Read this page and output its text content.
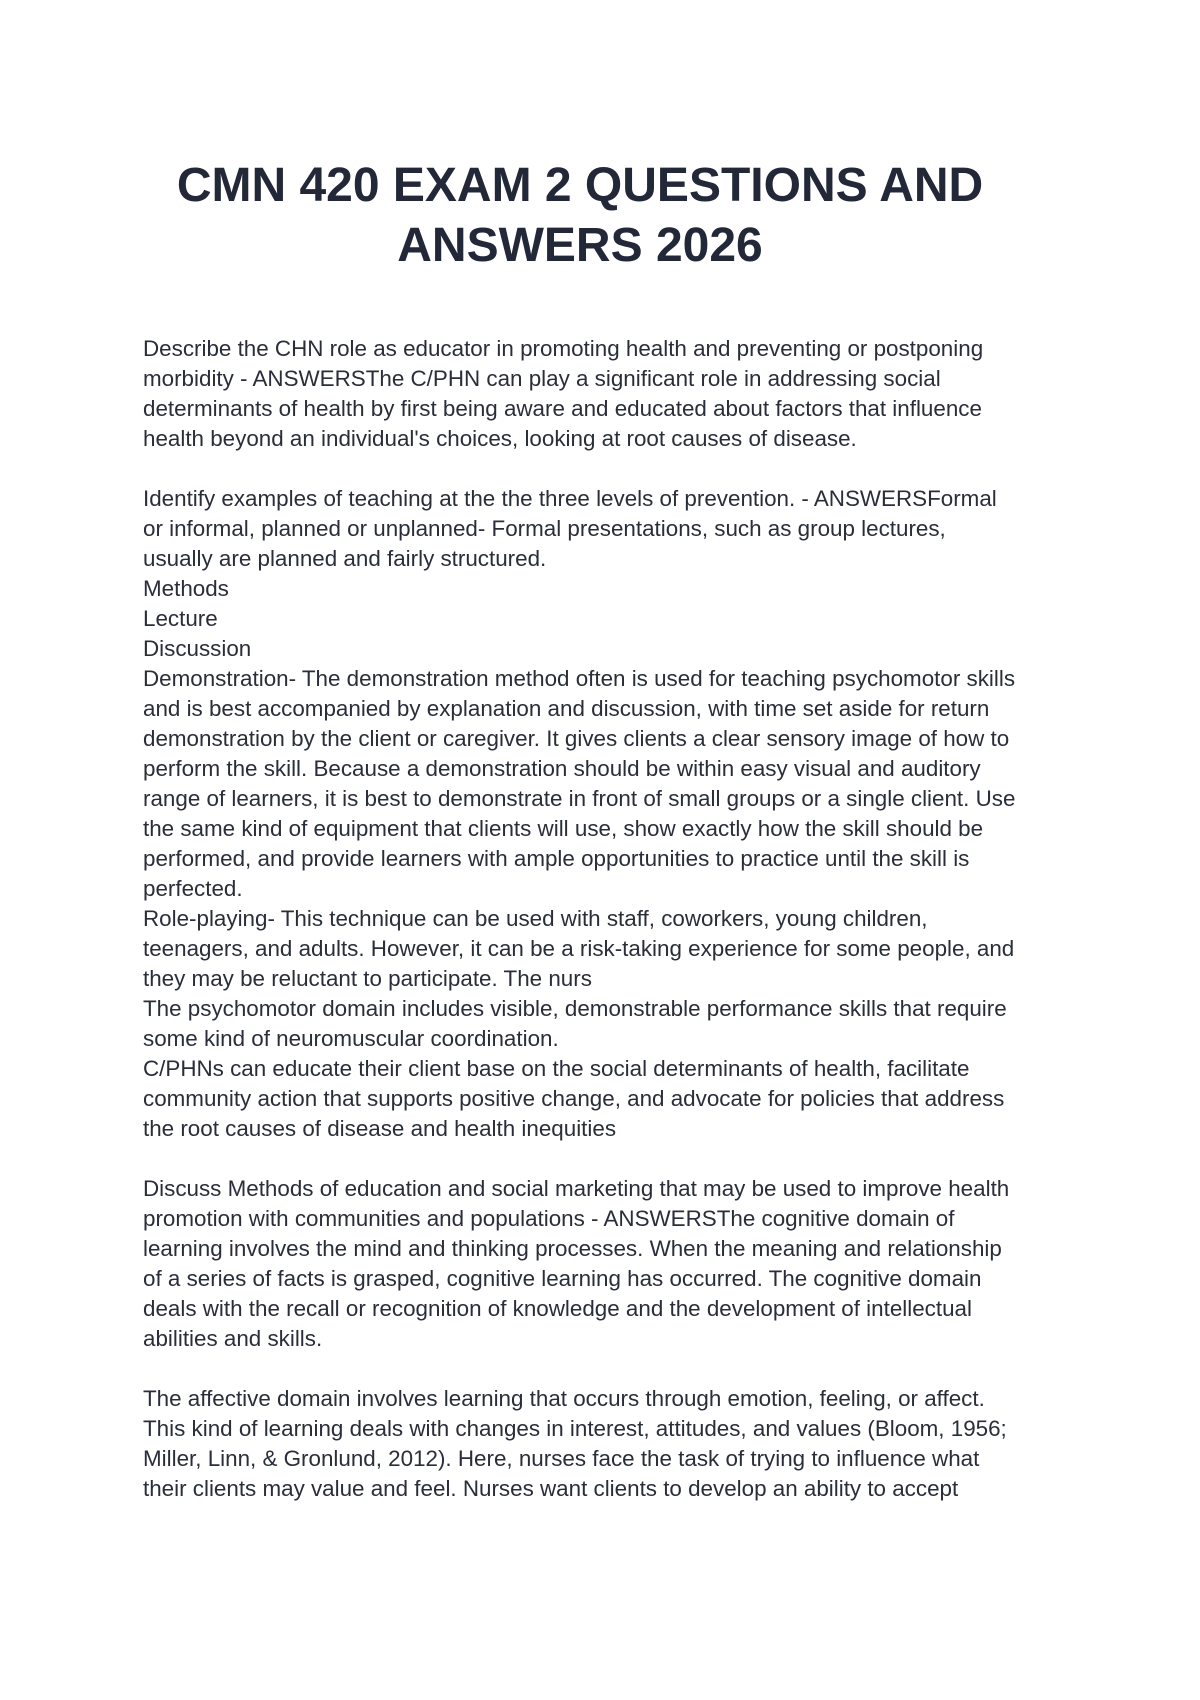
CMN 420 EXAM 2 QUESTIONS AND
ANSWERS 2026
Describe the CHN role as educator in promoting health and preventing or postponing
morbidity - ANSWERSThe C/PHN can play a significant role in addressing social
determinants of health by first being aware and educated about factors that influence
health beyond an individual's choices, looking at root causes of disease.
Identify examples of teaching at the the three levels of prevention. - ANSWERSFormal
or informal, planned or unplanned- Formal presentations, such as group lectures,
usually are planned and fairly structured.
Methods
Lecture
Discussion
Demonstration- The demonstration method often is used for teaching psychomotor skills
and is best accompanied by explanation and discussion, with time set aside for return
demonstration by the client or caregiver. It gives clients a clear sensory image of how to
perform the skill. Because a demonstration should be within easy visual and auditory
range of learners, it is best to demonstrate in front of small groups or a single client. Use
the same kind of equipment that clients will use, show exactly how the skill should be
performed, and provide learners with ample opportunities to practice until the skill is
perfected.
Role-playing- This technique can be used with staff, coworkers, young children,
teenagers, and adults. However, it can be a risk-taking experience for some people, and
they may be reluctant to participate. The nurs
The psychomotor domain includes visible, demonstrable performance skills that require
some kind of neuromuscular coordination.
C/PHNs can educate their client base on the social determinants of health, facilitate
community action that supports positive change, and advocate for policies that address
the root causes of disease and health inequities
Discuss Methods of education and social marketing that may be used to improve health
promotion with communities and populations - ANSWERSThe cognitive domain of
learning involves the mind and thinking processes. When the meaning and relationship
of a series of facts is grasped, cognitive learning has occurred. The cognitive domain
deals with the recall or recognition of knowledge and the development of intellectual
abilities and skills.
The affective domain involves learning that occurs through emotion, feeling, or affect.
This kind of learning deals with changes in interest, attitudes, and values (Bloom, 1956;
Miller, Linn, & Gronlund, 2012). Here, nurses face the task of trying to influence what
their clients may value and feel. Nurses want clients to develop an ability to accept
